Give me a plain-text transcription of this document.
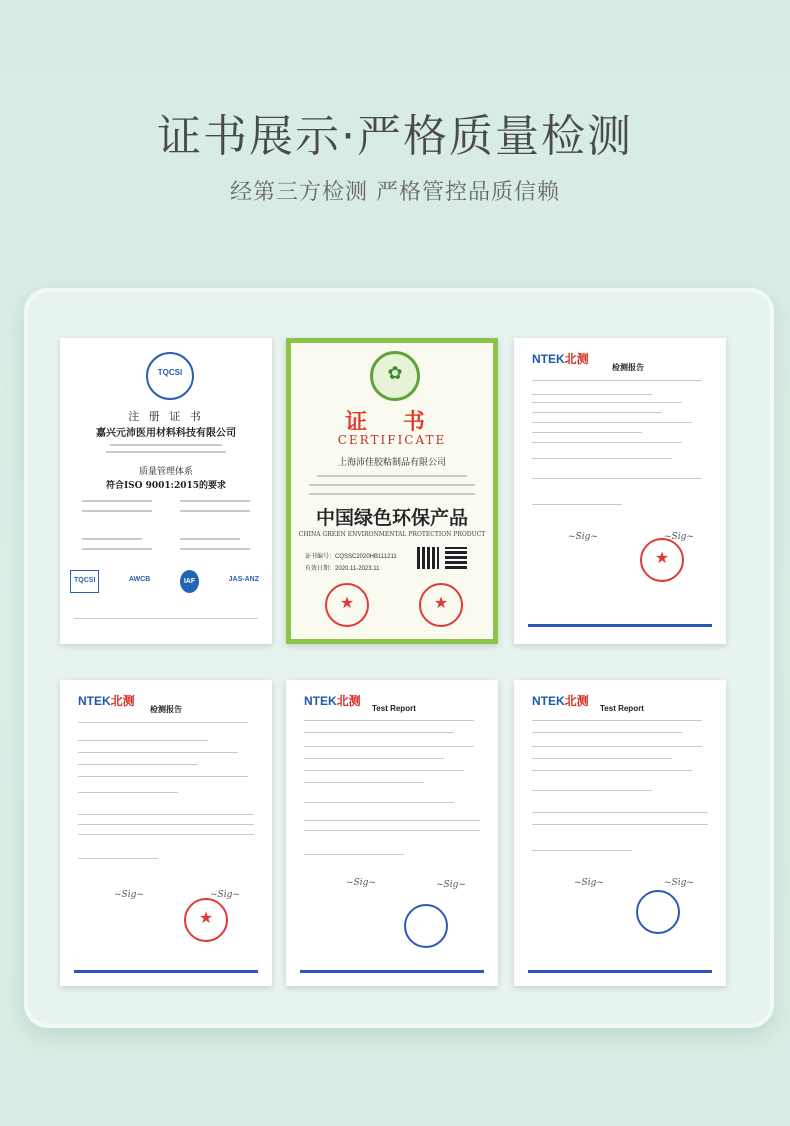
证书展示·严格质量检测
经第三方检测 严格管控品质信赖
TQCSI
注 册 证 书
嘉兴元沛医用材料科技有限公司
质量管理体系
符合ISO 9001:2015的要求
TQCSI	AWCB	IAF	JAS-ANZ
✿
证 书
CERTIFICATE
上海沛佳胶粘制品有限公司
中国绿色环保产品
CHINA GREEN ENVIRONMENTAL PROTECTION PRODUCT
证书编号：CQSSC2020HB111211
有效日期：2020.11-2023.11
★
★
NTEK北测
检测报告
~Sig~	~Sig~
★
NTEK北测
检测报告
~Sig~	~Sig~
★
NTEK北测
Test Report
~Sig~	~Sig~
NTEK北测
Test Report
~Sig~	~Sig~
